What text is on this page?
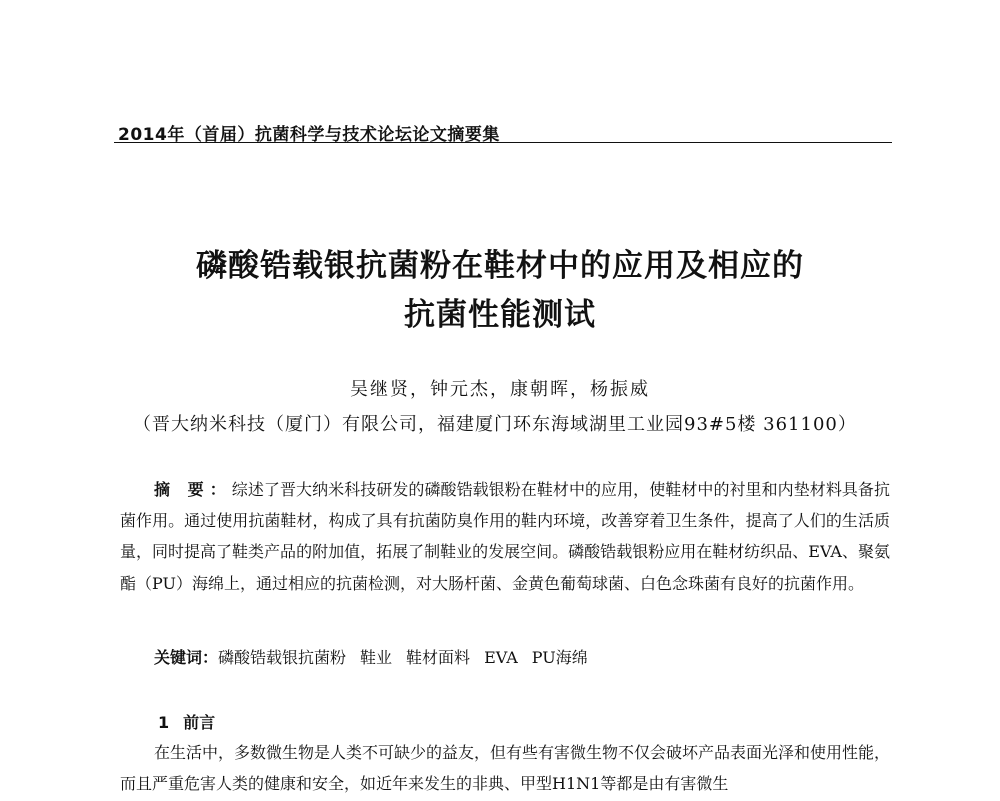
2014年（首届）抗菌科学与技术论坛论文摘要集
磷酸锆载银抗菌粉在鞋材中的应用及相应的
抗菌性能测试
吴继贤，钟元杰，康朝晖，杨振威
（晋大纳米科技（厦门）有限公司，福建厦门环东海域湖里工业园93#5楼 361100）
摘 要：综述了晋大纳米科技研发的磷酸锆载银粉在鞋材中的应用，使鞋材中的衬里和内垫材料具备抗菌作用。通过使用抗菌鞋材，构成了具有抗菌防臭作用的鞋内环境，改善穿着卫生条件，提高了人们的生活质量，同时提高了鞋类产品的附加值，拓展了制鞋业的发展空间。磷酸锆载银粉应用在鞋材纺织品、EVA、聚氨酯（PU）海绵上，通过相应的抗菌检测，对大肠杆菌、金黄色葡萄球菌、白色念珠菌有良好的抗菌作用。
关键词：磷酸锆载银抗菌粉 鞋业 鞋材面料 EVA PU海绵
1 前言
在生活中，多数微生物是人类不可缺少的益友，但有些有害微生物不仅会破坏产品表面光泽和使用性能，而且严重危害人类的健康和安全，如近年来发生的非典、甲型H1N1等都是由有害微生
